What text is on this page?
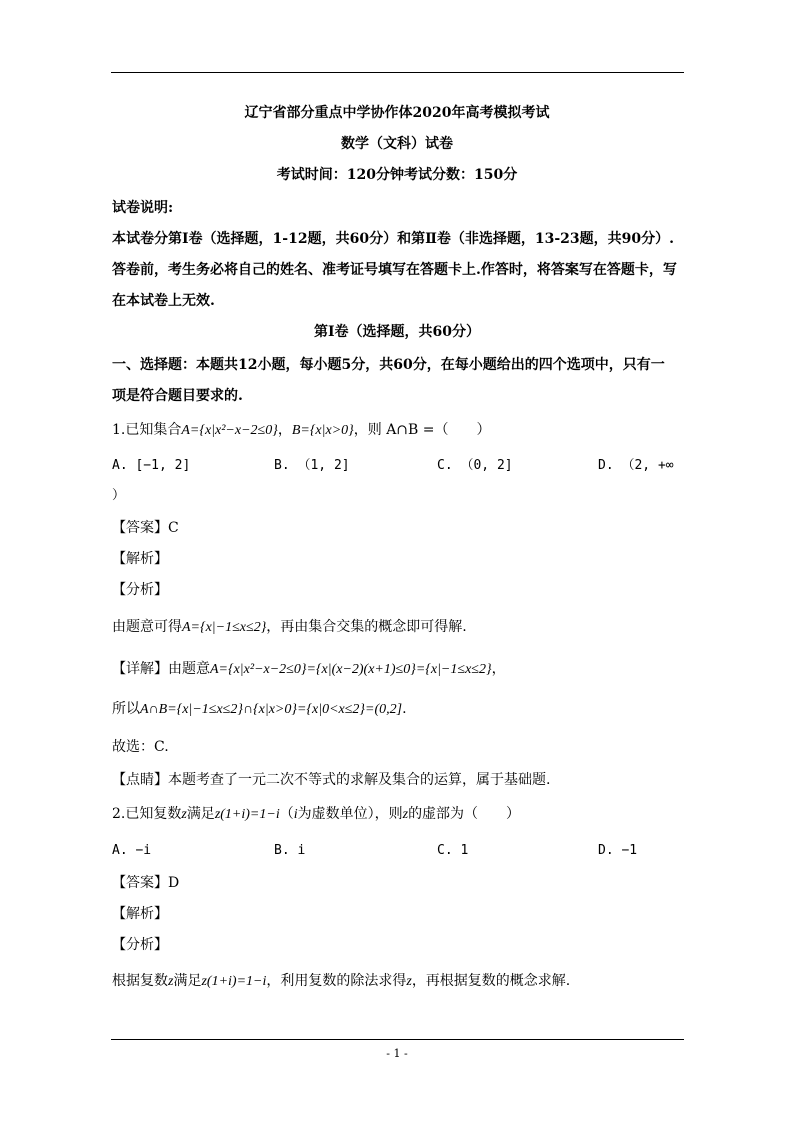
辽宁省部分重点中学协作体2020年高考模拟考试
数学（文科）试卷
考试时间：120分钟考试分数：150分
试卷说明:
本试卷分第Ⅰ卷（选择题，1-12题，共60分）和第Ⅱ卷（非选择题，13-23题，共90分）.
答卷前，考生务必将自己的姓名、准考证号填写在答题卡上.作答时，将答案写在答题卡，写
在本试卷上无效.
第Ⅰ卷（选择题，共60分）
一、选择题：本题共12小题，每小题5分，共60分，在每小题给出的四个选项中，只有一
项是符合题目要求的.
1.已知集合A={x|x²−x−2≤0}，B={x|x>0}，则 A∩B =（　　）
A. [−1, 2]	B. （1, 2]	C. （0, 2]	D. （2, +∞
）
【答案】C
【解析】
【分析】
由题意可得A={x|−1≤x≤2}，再由集合交集的概念即可得解.
【详解】由题意A={x|x²−x−2≤0}={x|(x−2)(x+1)≤0}={x|−1≤x≤2}，
所以A∩B={x|−1≤x≤2}∩{x|x>0}={x|0<x≤2}=(0,2].
故选：C.
【点睛】本题考查了一元二次不等式的求解及集合的运算，属于基础题.
2.已知复数z满足z(1+i)=1−i（i为虚数单位），则z的虚部为（　　）
A. −i	B. i	C. 1	D. −1
【答案】D
【解析】
【分析】
根据复数z满足z(1+i)=1−i，利用复数的除法求得z，再根据复数的概念求解.
- 1 -
